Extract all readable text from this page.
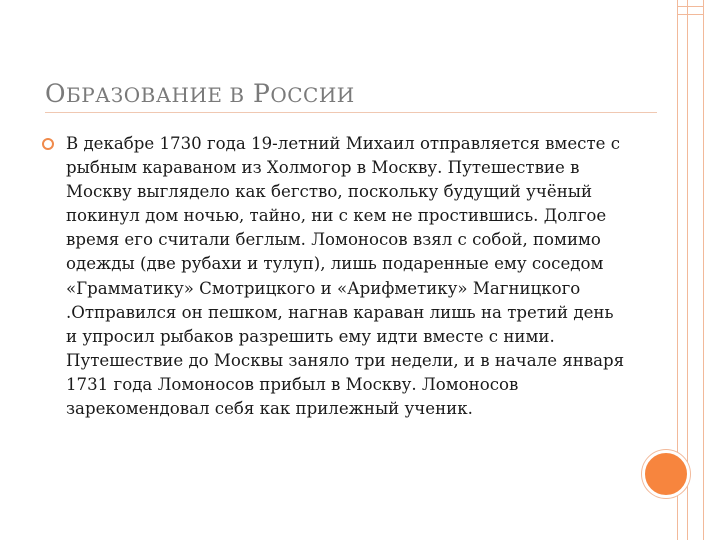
ОБРАЗОВАНИЕ В РОССИИ

В декабре 1730 года 19-летний Михаил отправляется вместе с рыбным караваном из Холмогор в Москву. Путешествие в Москву выглядело как бегство, поскольку будущий учёный покинул дом ночью, тайно, ни с кем не простившись. Долгое время его считали беглым. Ломоносов взял с собой, помимо одежды (две рубахи и тулуп), лишь подаренные ему соседом «Грамматику» Смотрицкого и «Арифметику» Магницкого .Отправился он пешком, нагнав караван лишь на третий день и упросил рыбаков разрешить ему идти вместе с ними. Путешествие до Москвы заняло три недели, и в начале января 1731 года Ломоносов прибыл в Москву. Ломоносов зарекомендовал себя как прилежный ученик.
